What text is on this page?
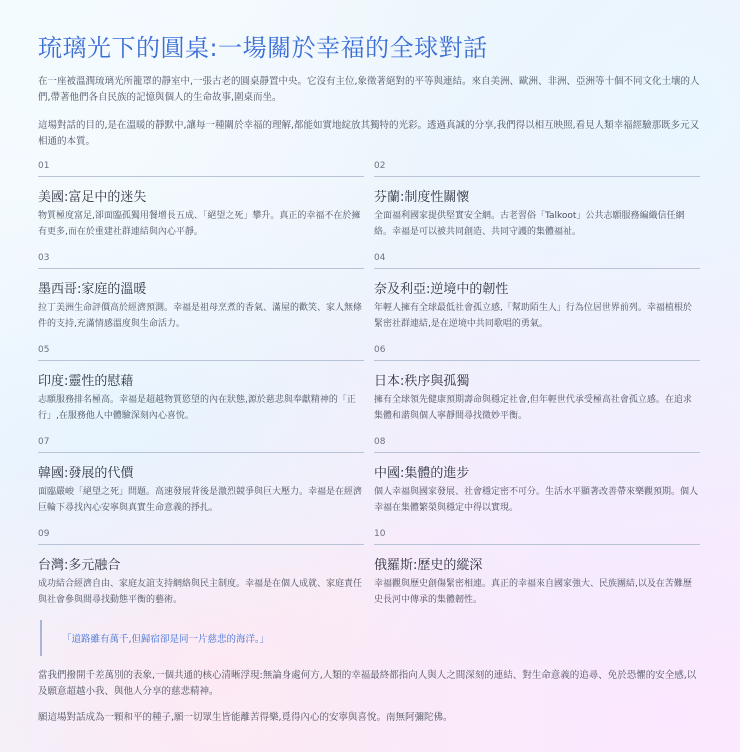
琉璃光下的圓桌:一場關於幸福的全球對話

在一座被溫潤琉璃光所籠罩的靜室中,一張古老的圓桌靜置中央。它沒有主位,象徵著絕對的平等與連結。來自美洲、歐洲、非洲、亞洲等十個不同文化土壤的人們,帶著他們各自民族的記憶與個人的生命故事,圍桌而坐。

這場對話的目的,是在溫暖的靜默中,讓每一種關於幸福的理解,都能如實地綻放其獨特的光彩。透過真誠的分享,我們得以相互映照,看見人類幸福經驗那既多元又相通的本質。

01
美國:富足中的迷失
物質極度富足,卻面臨孤獨用餐增長五成、「絕望之死」攀升。真正的幸福不在於擁有更多,而在於重建社群連結與內心平靜。
02
芬蘭:制度性關懷
全面福利國家提供堅實安全網。古老習俗「Talkoot」公共志願服務編織信任網絡。幸福是可以被共同創造、共同守護的集體福祉。
03
墨西哥:家庭的溫暖
拉丁美洲生命評價高於經濟預測。幸福是祖母烹煮的香氣、滿屋的歡笑、家人無條件的支持,充滿情感溫度與生命活力。
04
奈及利亞:逆境中的韌性
年輕人擁有全球最低社會孤立感,「幫助陌生人」行為位居世界前列。幸福植根於緊密社群連結,是在逆境中共同歌唱的勇氣。
05
印度:靈性的慰藉
志願服務排名極高。幸福是超越物質慾望的內在狀態,源於慈悲與奉獻精神的「正行」,在服務他人中體驗深刻內心喜悅。
06
日本:秩序與孤獨
擁有全球領先健康預期壽命與穩定社會,但年輕世代承受極高社會孤立感。在追求集體和諧與個人寧靜間尋找微妙平衡。
07
韓國:發展的代價
面臨嚴峻「絕望之死」問題。高速發展背後是激烈競爭與巨大壓力。幸福是在經濟巨輪下尋找內心安寧與真實生命意義的掙扎。
08
中國:集體的進步
個人幸福與國家發展、社會穩定密不可分。生活水平顯著改善帶來樂觀預期。個人幸福在集體繁榮與穩定中得以實現。
09
台灣:多元融合
成功結合經濟自由、家庭友誼支持網絡與民主制度。幸福是在個人成就、家庭責任與社會參與間尋找動態平衡的藝術。
10
俄羅斯:歷史的縱深
幸福觀與歷史創傷緊密相連。真正的幸福來自國家強大、民族團結,以及在苦難歷史長河中傳承的集體韌性。
「道路雖有萬千,但歸宿卻是同一片慈悲的海洋。」

當我們撥開千差萬別的表象,一個共通的核心清晰浮現:無論身處何方,人類的幸福最終都指向人與人之間深刻的連結、對生命意義的追尋、免於恐懼的安全感,以及願意超越小我、與他人分享的慈悲精神。

願這場對話成為一顆和平的種子,願一切眾生皆能離苦得樂,覓得內心的安寧與喜悅。南無阿彌陀佛。
